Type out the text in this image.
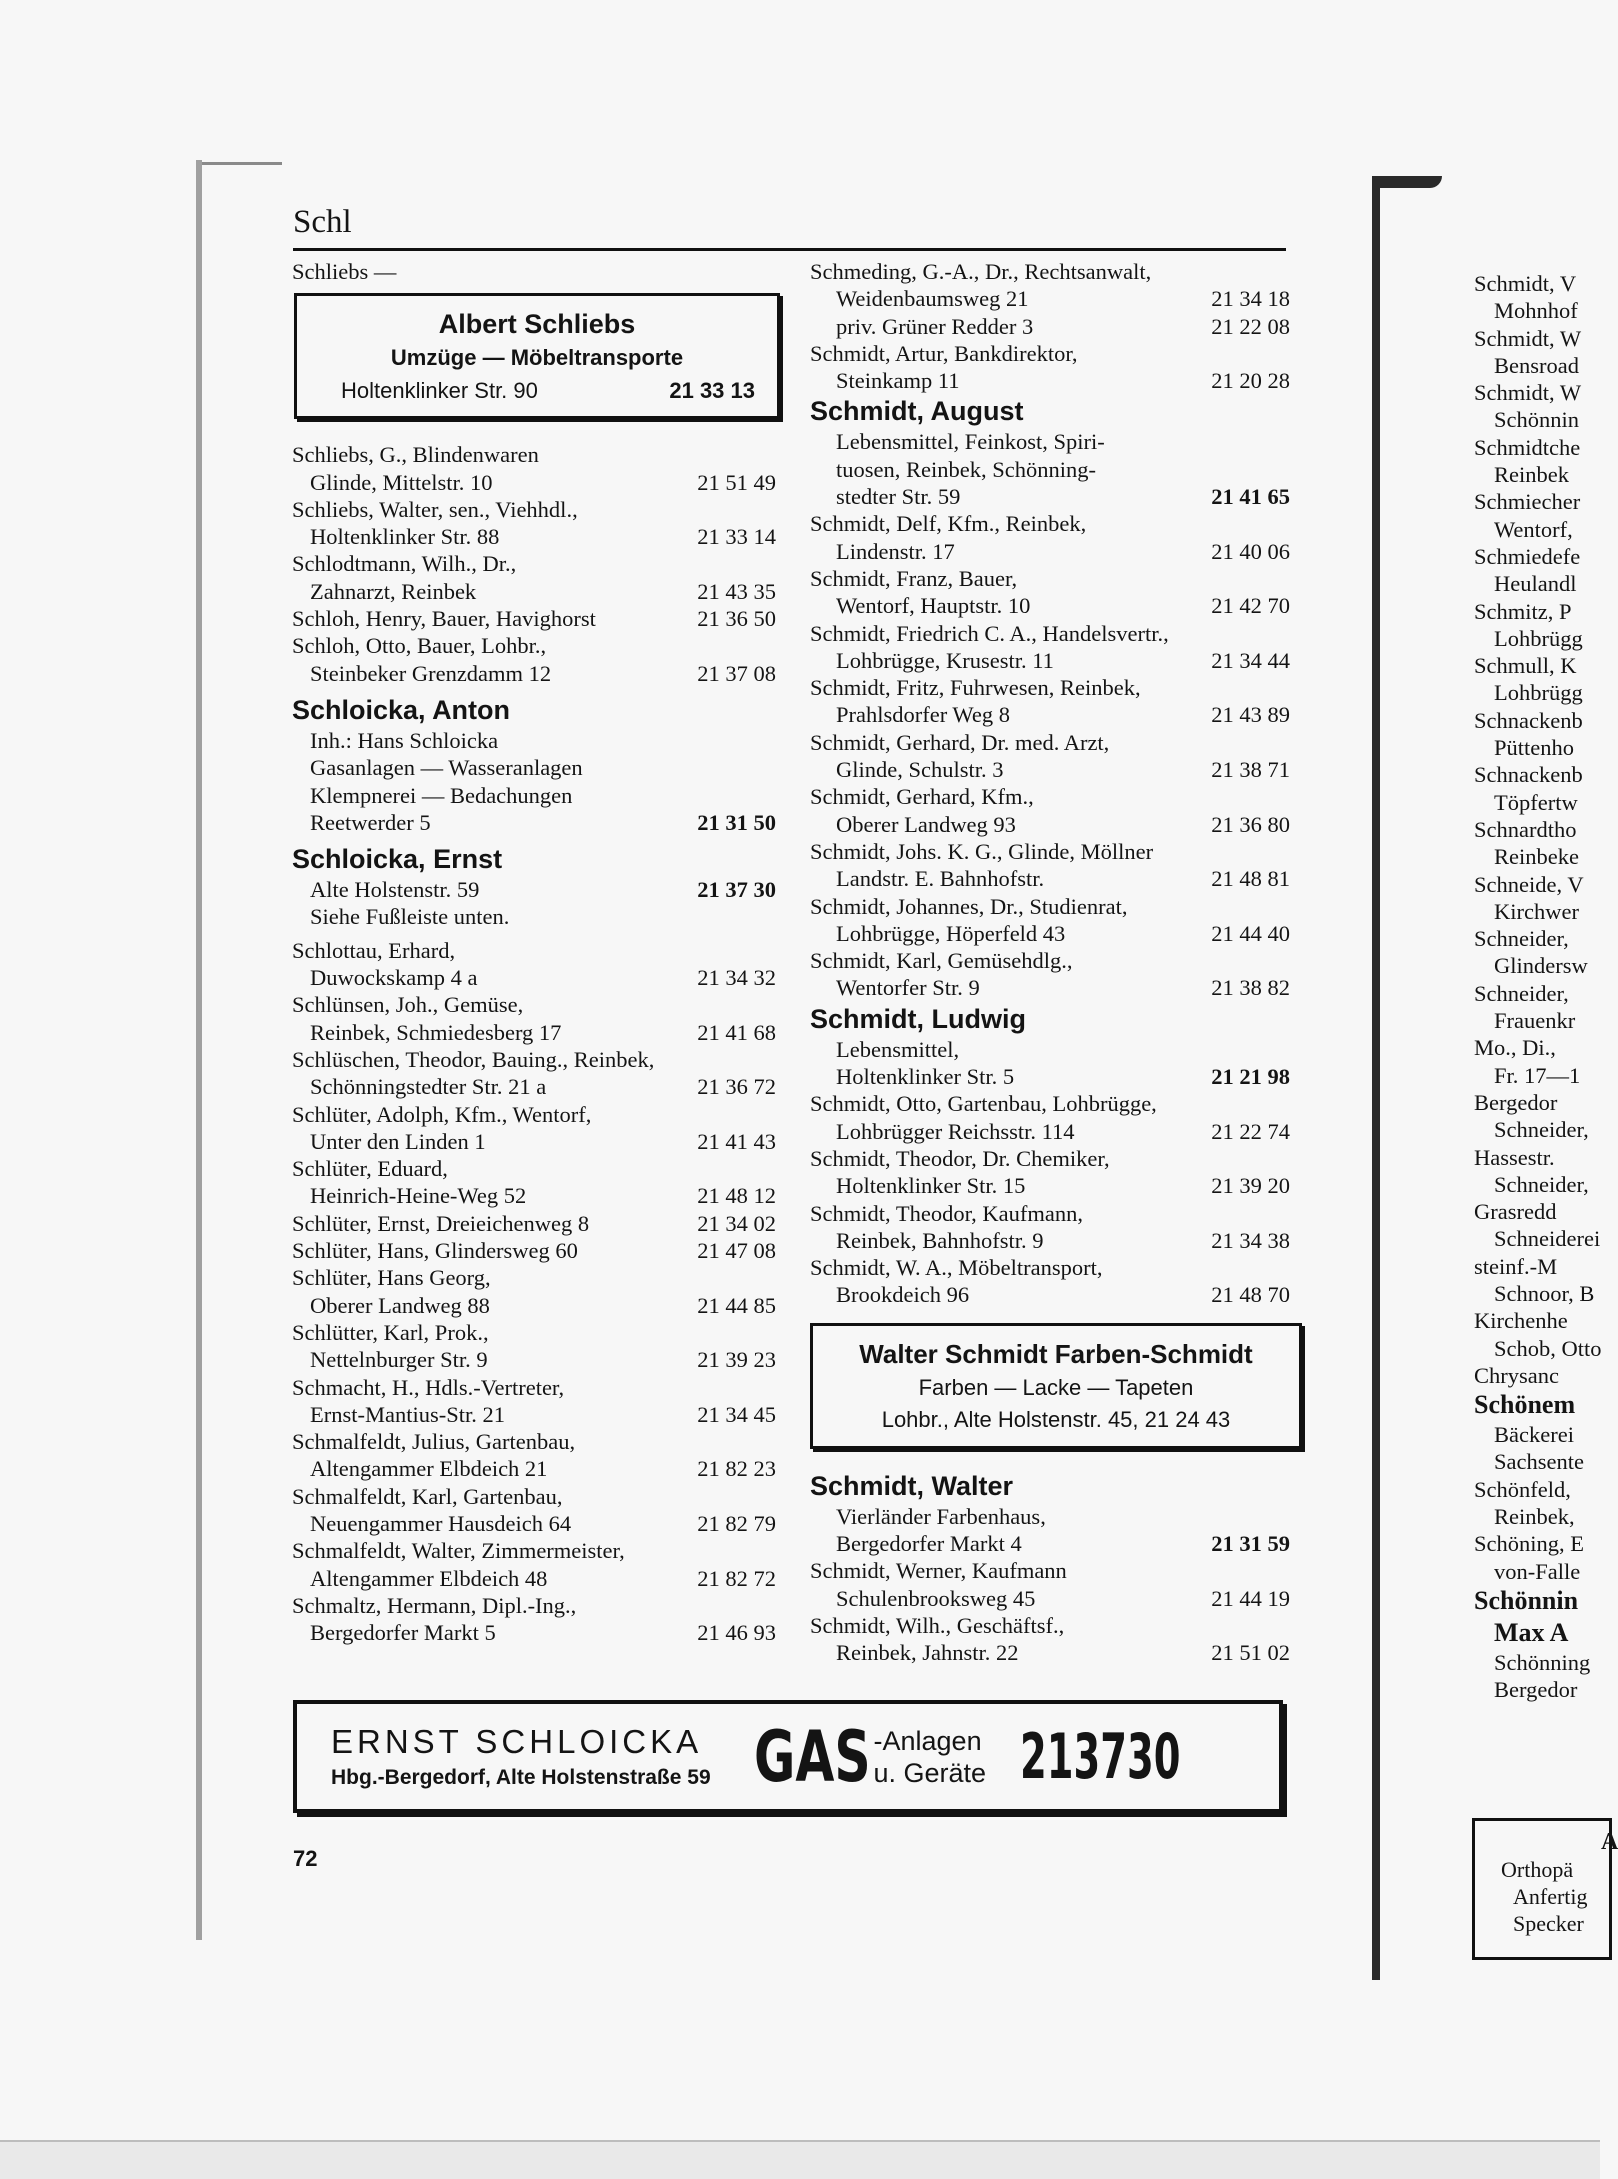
Schl
Schliebs —
Albert Schliebs
Umzüge — Möbeltransporte
Holtenklinker Str. 90	21 33 13
Schliebs, G., Blindenwaren
Glinde, Mittelstr. 10	21 51 49
Schliebs, Walter, sen., Viehhdl.,
Holtenklinker Str. 88	21 33 14
Schlodtmann, Wilh., Dr.,
Zahnarzt, Reinbek	21 43 35
Schloh, Henry, Bauer, Havighorst	21 36 50
Schloh, Otto, Bauer, Lohbr.,
Steinbeker Grenzdamm 12	21 37 08
Schloicka, Anton
Inh.: Hans Schloicka
Gasanlagen — Wasseranlagen
Klempnerei — Bedachungen
Reetwerder 5	21 31 50
Schloicka, Ernst
Alte Holstenstr. 59	21 37 30
Siehe Fußleiste unten.
Schlottau, Erhard,
Duwockskamp 4 a	21 34 32
Schlünsen, Joh., Gemüse,
Reinbek, Schmiedesberg 17	21 41 68
Schlüschen, Theodor, Bauing., Reinbek,
Schönningstedter Str. 21 a	21 36 72
Schlüter, Adolph, Kfm., Wentorf,
Unter den Linden 1	21 41 43
Schlüter, Eduard,
Heinrich-Heine-Weg 52	21 48 12
Schlüter, Ernst, Dreieichenweg 8	21 34 02
Schlüter, Hans, Glindersweg 60	21 47 08
Schlüter, Hans Georg,
Oberer Landweg 88	21 44 85
Schlütter, Karl, Prok.,
Nettelnburger Str. 9	21 39 23
Schmacht, H., Hdls.-Vertreter,
Ernst-Mantius-Str. 21	21 34 45
Schmalfeldt, Julius, Gartenbau,
Altengammer Elbdeich 21	21 82 23
Schmalfeldt, Karl, Gartenbau,
Neuengammer Hausdeich 64	21 82 79
Schmalfeldt, Walter, Zimmermeister,
Altengammer Elbdeich 48	21 82 72
Schmaltz, Hermann, Dipl.-Ing.,
Bergedorfer Markt 5	21 46 93
Schmeding, G.-A., Dr., Rechtsanwalt,
Weidenbaumsweg 21	21 34 18
priv. Grüner Redder 3	21 22 08
Schmidt, Artur, Bankdirektor,
Steinkamp 11	21 20 28
Schmidt, August
Lebensmittel, Feinkost, Spiri-
tuosen, Reinbek, Schönning-
stedter Str. 59	21 41 65
Schmidt, Delf, Kfm., Reinbek,
Lindenstr. 17	21 40 06
Schmidt, Franz, Bauer,
Wentorf, Hauptstr. 10	21 42 70
Schmidt, Friedrich C. A., Handelsvertr.,
Lohbrügge, Krusestr. 11	21 34 44
Schmidt, Fritz, Fuhrwesen, Reinbek,
Prahlsdorfer Weg 8	21 43 89
Schmidt, Gerhard, Dr. med. Arzt,
Glinde, Schulstr. 3	21 38 71
Schmidt, Gerhard, Kfm.,
Oberer Landweg 93	21 36 80
Schmidt, Johs. K. G., Glinde, Möllner
Landstr. E. Bahnhofstr.	21 48 81
Schmidt, Johannes, Dr., Studienrat,
Lohbrügge, Höperfeld 43	21 44 40
Schmidt, Karl, Gemüsehdlg.,
Wentorfer Str. 9	21 38 82
Schmidt, Ludwig
Lebensmittel,
Holtenklinker Str. 5	21 21 98
Schmidt, Otto, Gartenbau, Lohbrügge,
Lohbrügger Reichsstr. 114	21 22 74
Schmidt, Theodor, Dr. Chemiker,
Holtenklinker Str. 15	21 39 20
Schmidt, Theodor, Kaufmann,
Reinbek, Bahnhofstr. 9	21 34 38
Schmidt, W. A., Möbeltransport,
Brookdeich 96	21 48 70
Walter Schmidt Farben-Schmidt
Farben — Lacke — Tapeten
Lohbr., Alte Holstenstr. 45, 21 24 43
Schmidt, Walter
Vierländer Farbenhaus,
Bergedorfer Markt 4	21 31 59
Schmidt, Werner, Kaufmann
Schulenbrooksweg 45	21 44 19
Schmidt, Wilh., Geschäftsf.,
Reinbek, Jahnstr. 22	21 51 02
ERNST SCHLOICKA
Hbg.-Bergedorf, Alte Holstenstraße 59 GAS -Anlagen
u. Geräte 213730
72
Schmidt, V
Mohnhof
Schmidt, W
Bensroad
Schmidt, W
Schönnin
Schmidtche
Reinbek
Schmiecher
Wentorf,
Schmiedefe
Heulandl
Schmitz, P
Lohbrügg
Schmull, K
Lohbrügg
Schnackenb
Püttenho
Schnackenb
Töpfertw
Schnardtho
Reinbeke
Schneide, V
Kirchwer
Schneider,
Glindersw
Schneider,
Frauenkr
Mo., Di.,
Fr. 17—1
Bergedor
Schneider,
Hassestr.
Schneider,
Grasredd
Schneiderei
steinf.-M
Schnoor, B
Kirchenhe
Schob, Otto
Chrysanc
Schönem
Bäckerei
Sachsente
Schönfeld,
Reinbek,
Schöning, E
von-Falle
Schönnin
Max A
Schönning
Bergedor
A
Orthopä
Anfertig
Specker
